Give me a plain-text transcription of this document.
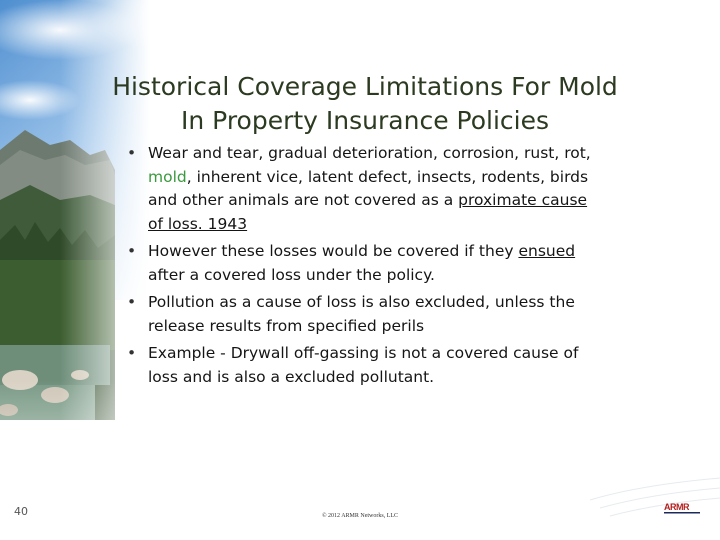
Historical Coverage Limitations For Mold
In Property Insurance Policies
• Wear and tear, gradual deterioration, corrosion, rust, rot, mold, inherent vice, latent defect, insects, rodents, birds and other animals are not covered as a proximate cause of loss. 1943
• However these losses would be covered if they ensued after a covered loss under the policy.
• Pollution as a cause of loss is also excluded, unless the release results from specified perils
• Example - Drywall off-gassing is not a covered cause of loss and is also a excluded pollutant.
40	© 2012 ARMR Networks, LLC
ARMR
